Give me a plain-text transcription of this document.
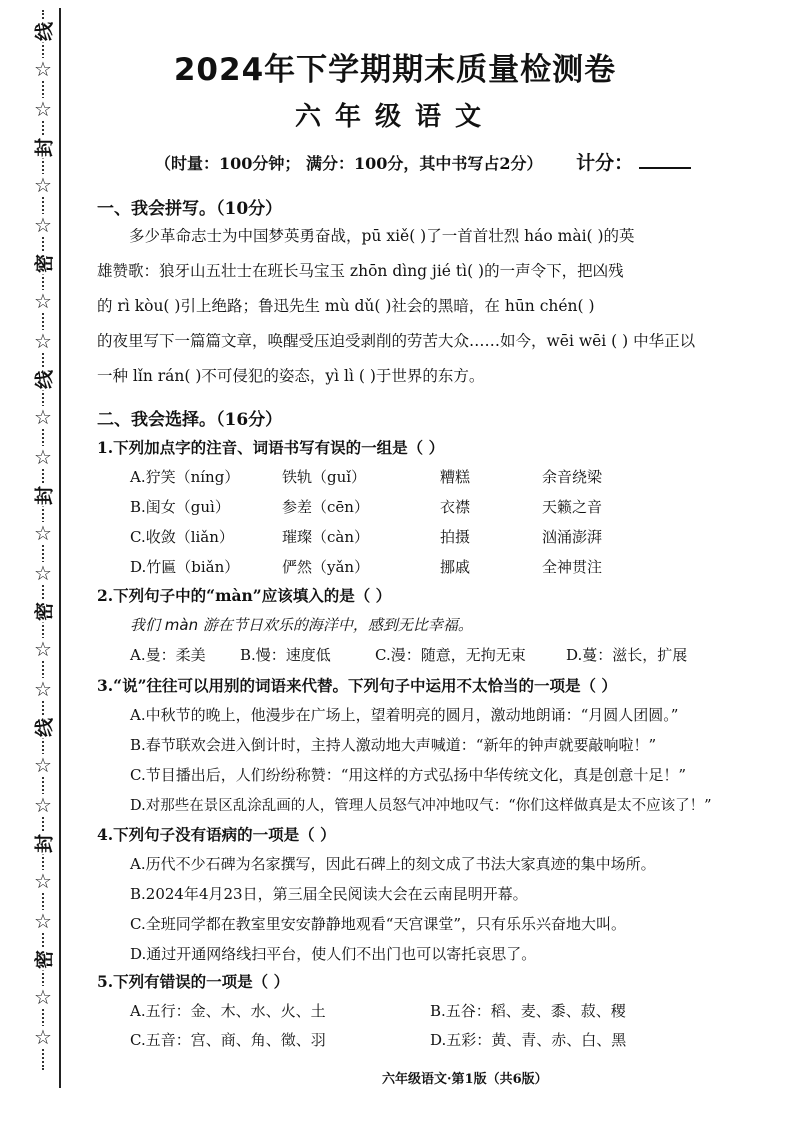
☆
线
☆
☆
封
☆
☆
密
☆
☆
线
☆
☆
封
☆
☆
密
☆
☆
线
☆
☆
封
☆
☆
密
☆
2024年下学期期末质量检测卷
六年级语文
（时量：100分钟； 满分：100分，其中书写占2分） 计分：
一、我会拼写。（10分）
多少革命志士为中国梦英勇奋战，pū xiě( )了一首首壮烈 háo mài( )的英
雄赞歌：狼牙山五壮士在班长马宝玉 zhōn dìng jié tì( )的一声令下，把凶残
的 rì kòu( )引上绝路；鲁迅先生 mù dǔ( )社会的黑暗，在 hūn chén( )
的夜里写下一篇篇文章，唤醒受压迫受剥削的劳苦大众……如今，wēi wēi ( ) 中华正以
一种 lǐn rán( )不可侵犯的姿态，yì lì ( )于世界的东方。
二、我会选择。（16分）
1.下列加点字的注音、词语书写有误的一组是（ ）
A.狞笑（níng）	铁轨（guǐ）	糟糕	余音绕梁
B.闺女（guì）	参差（cēn）	衣襟	天籁之音
C.收敛（liǎn）	璀璨（càn）	拍摄	汹涌澎湃
D.竹匾（biǎn）	俨然（yǎn）	挪戚	全神贯注
2.下列句子中的“màn”应该填入的是（ ）
我们 màn 游在节日欢乐的海洋中，感到无比幸福。
A.曼：柔美 B.慢：速度低	C.漫：随意，无拘无束	D.蔓：滋长，扩展
3.“说”往往可以用别的词语来代替。下列句子中运用不太恰当的一项是（ ）
A.中秋节的晚上，他漫步在广场上，望着明亮的圆月，激动地朗诵：“月圆人团圆。”
B.春节联欢会进入倒计时，主持人激动地大声喊道：“新年的钟声就要敲响啦！”
C.节目播出后，人们纷纷称赞：“用这样的方式弘扬中华传统文化，真是创意十足！”
D.对那些在景区乱涂乱画的人，管理人员怒气冲冲地叹气：“你们这样做真是太不应该了！”
4.下列句子没有语病的一项是（ ）
A.历代不少石碑为名家撰写，因此石碑上的刻文成了书法大家真迹的集中场所。
B.2024年4月23日，第三届全民阅读大会在云南昆明开幕。
C.全班同学都在教室里安安静静地观看“天宫课堂”，只有乐乐兴奋地大叫。
D.通过开通网络线扫平台，使人们不出门也可以寄托哀思了。
5.下列有错误的一项是（ ）
A.五行：金、木、水、火、土	B.五谷：稻、麦、黍、菽、稷
C.五音：宫、商、角、徵、羽	D.五彩：黄、青、赤、白、黑
六年级语文·第1版（共6版）
